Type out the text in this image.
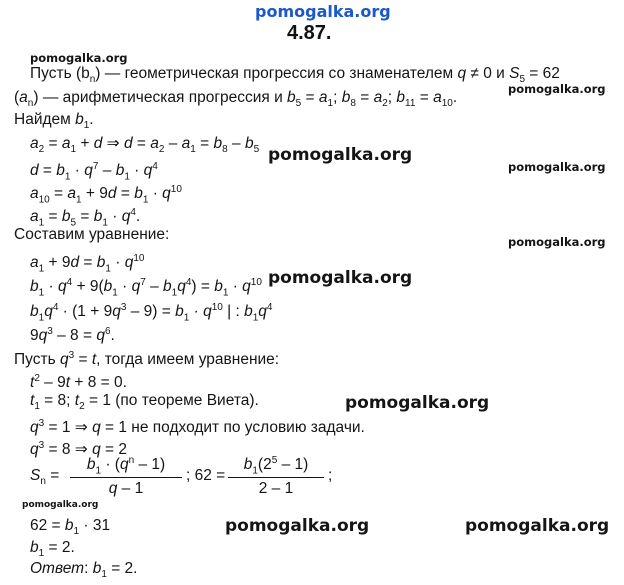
pomogalka.org
4.87.
pomogalka.org
pomogalka.org
pomogalka.org
pomogalka.org
pomogalka.org
pomogalka.org
pomogalka.org
pomogalka.org
pomogalka.org	pomogalka.org
Пусть $(b_n)$ — геометрическая прогрессия со знаменателем q ≠ 0 и $S_5 = 62$
$(a_n)$ — арифметическая прогрессия и $b_5 = a_1$; $b_8 = a_2$; $b_{11} = a_{10}$.
Найдем $b_1$.
$a_2 = a_1 + d$ ⇒ $d = a_2 - a_1 = b_8 - b_5$
$d = b_1 \cdot q^7 - b_1 \cdot q^4$
$a_{10} = a_1 + 9d = b_1 \cdot q^{10}$
$a_1 = b_5 = b_1 \cdot q^4$.
Составим уравнение:
$a_1 + 9d = b_1 \cdot q^{10}$
$b_1 \cdot q^4 + 9(b_1 \cdot q^7 - b_1q^4) = b_1 \cdot q^{10}$
$b_1q^4 \cdot (1 + 9q^3 - 9) = b_1 \cdot q^{10}$ | : $b_1q^4$
$9q^3 - 8 = q^6$.
Пусть $q^3 = t$, тогда имеем уравнение:
$t^2 - 9t + 8 = 0$.
$t_1 = 8$; $t_2 = 1$ (по теореме Виета).
$q^3 = 1$ ⇒ q = 1 не подходит по условию задачи.
$q^3 = 8$ ⇒ q = 2
$S_n = \frac{b_1 \cdot (q^n - 1)}{q - 1}$ ; $62 = \frac{b_1(2^5 - 1)}{2 - 1}$ ;
$62 = b_1 \cdot 31$
$b_1 = 2$.
Ответ: $b_1 = 2$.
